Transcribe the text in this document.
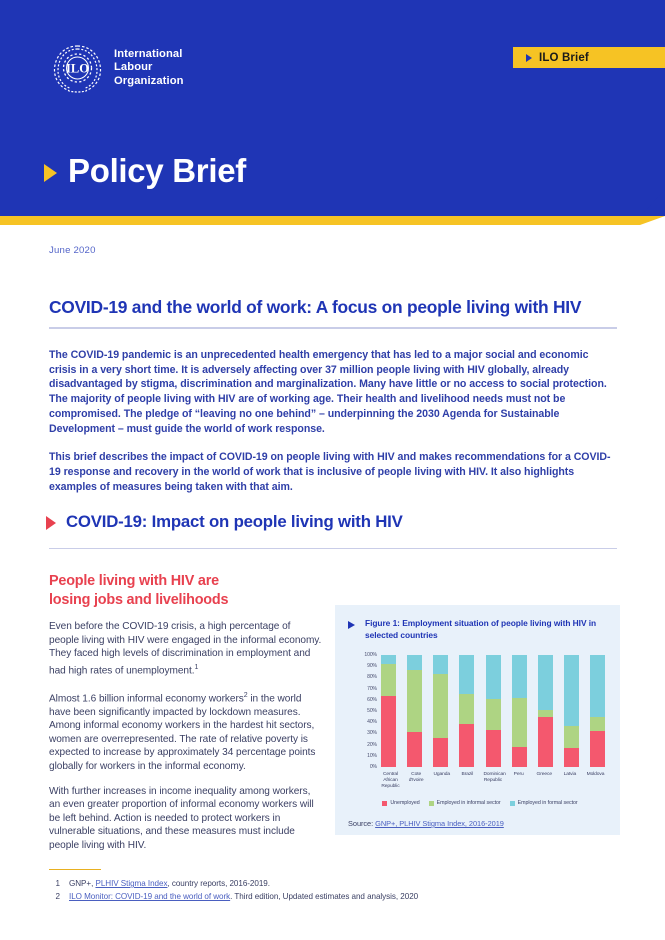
ILO
International
Labour
Organization
ILO Brief
Policy Brief
June 2020
COVID-19 and the world of work: A focus on people living with HIV

The COVID-19 pandemic is an unprecedented health emergency that has led to a major social and economic crisis in a very short time. It is adversely affecting over 37 million people living with HIV globally, already disadvantaged by stigma, discrimination and marginalization. Many have little or no access to social protection. The majority of people living with HIV are of working age. Their health and livelihood needs must not be compromised. The pledge of “leaving no one behind” – underpinning the 2030 Agenda for Sustainable Development – must guide the world of work response.

This brief describes the impact of COVID-19 on people living with HIV and makes recommendations for a COVID-19 response and recovery in the world of work that is inclusive of people living with HIV. It also highlights examples of measures being taken with that aim.

COVID-19: Impact on people living with HIV
People living with HIV are
losing jobs and livelihoods

Even before the COVID-19 crisis, a high percentage of people living with HIV were engaged in the informal economy. They faced high levels of discrimination in employment and had high rates of unemployment.$^1$

Almost 1.6 billion informal economy workers$^2$ in the world have been significantly impacted by lockdown measures. Among informal economy workers in the hardest hit sectors, women are overrepresented. The rate of relative poverty is expected to increase by approximately 34 percentage points globally for workers in the informal economy.

With further increases in income inequality among workers, an even greater proportion of informal economy workers will be left behind. Action is needed to protect workers in vulnerable situations, and these measures must include people living with HIV.

Figure 1: Employment situation of people living with HIV in selected countries
0%
10%
20%
30%
40%
50%
60%
70%
80%
90%
100%
Central
African
Republic
Cote
d'Ivoire
Uganda	Brazil	Dominican
Republic
Peru	Greece	Latvia	Moldova
Unemployed	Employed in informal sector	Employed in formal sector
Source: GNP+, PLHIV Stigma Index, 2016-2019
1 GNP+, PLHIV Stigma Index, country reports, 2016-2019.
2 ILO Monitor: COVID-19 and the world of work. Third edition, Updated estimates and analysis, 2020
